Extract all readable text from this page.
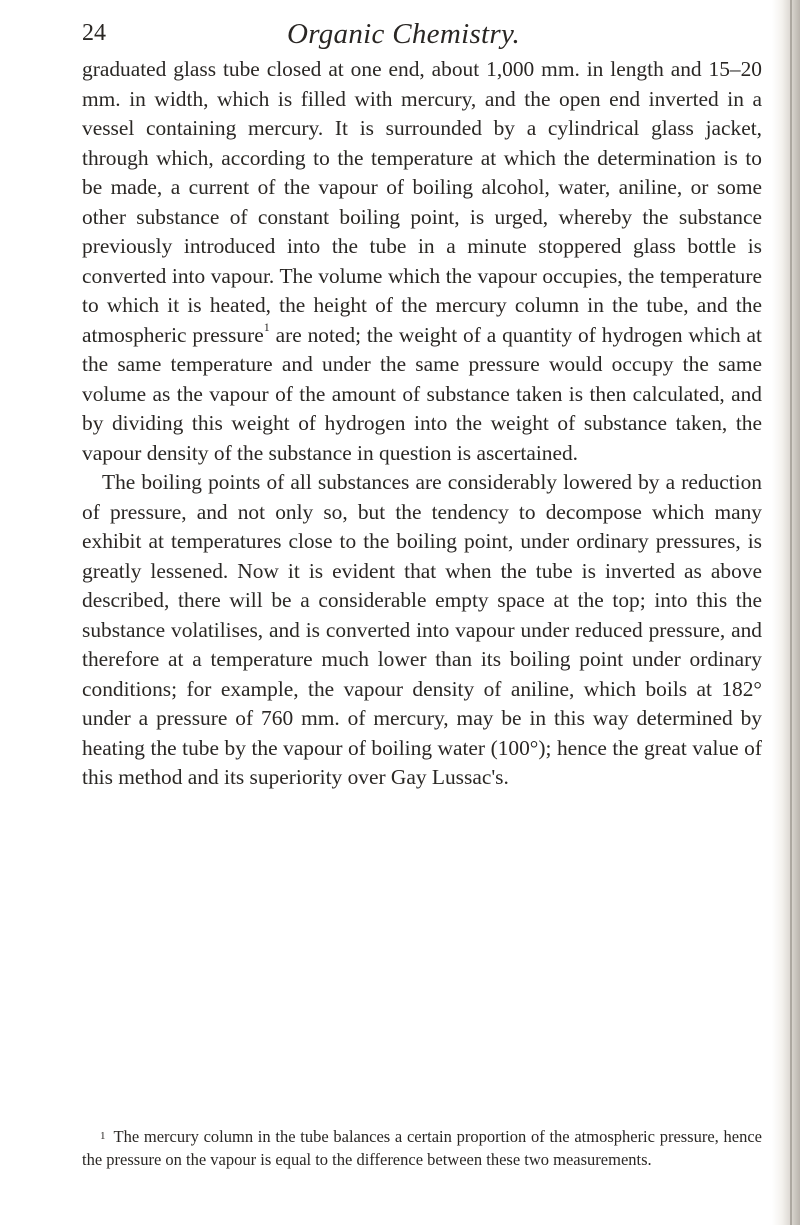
24	Organic Chemistry.

graduated glass tube closed at one end, about 1,000 mm. in length and 15–20 mm. in width, which is filled with mercury, and the open end inverted in a vessel containing mercury. It is surrounded by a cylindrical glass jacket, through which, according to the temperature at which the determination is to be made, a current of the vapour of boiling alcohol, water, aniline, or some other substance of constant boiling point, is urged, whereby the substance previously introduced into the tube in a minute stoppered glass bottle is converted into vapour. The volume which the vapour occupies, the temperature to which it is heated, the height of the mercury column in the tube, and the atmospheric pressure$^1$ are noted; the weight of a quantity of hydrogen which at the same temperature and under the same pressure would occupy the same volume as the vapour of the amount of substance taken is then calculated, and by dividing this weight of hydrogen into the weight of substance taken, the vapour density of the substance in question is ascertained.

The boiling points of all substances are considerably lowered by a reduction of pressure, and not only so, but the tendency to decompose which many exhibit at temperatures close to the boiling point, under ordinary pressures, is greatly lessened. Now it is evident that when the tube is inverted as above described, there will be a considerable empty space at the top; into this the substance volatilises, and is converted into vapour under reduced pressure, and therefore at a temperature much lower than its boiling point under ordinary conditions; for example, the vapour density of aniline, which boils at 182° under a pressure of 760 mm. of mercury, may be in this way determined by heating the tube by the vapour of boiling water (100°); hence the great value of this method and its superiority over Gay Lussac's.

$^1$ The mercury column in the tube balances a certain proportion of the atmospheric pressure, hence the pressure on the vapour is equal to the difference between these two measurements.
